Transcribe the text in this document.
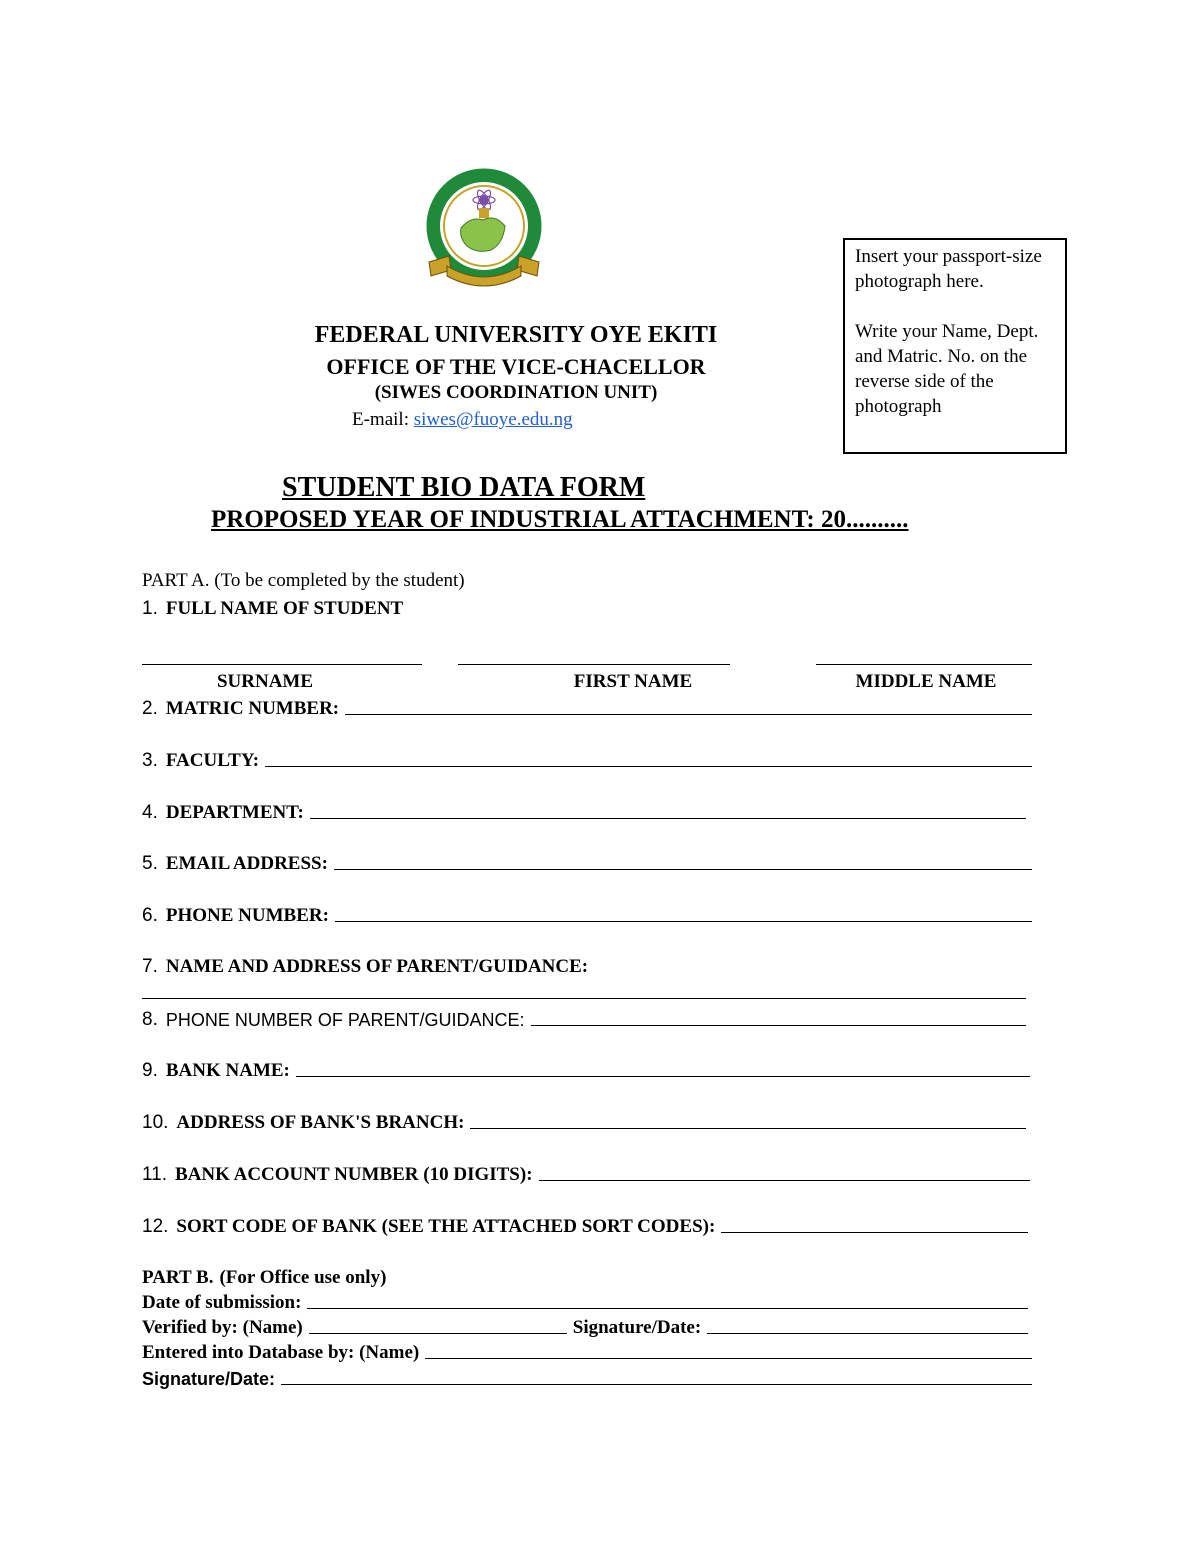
FEDERAL UNIVERSITY OYE EKITI
OFFICE OF THE VICE-CHACELLOR
(SIWES COORDINATION UNIT)
E-mail: siwes@fuoye.edu.ng

Insert your passport-size photograph here.

Write your Name, Dept. and Matric. No. on the reverse side of the photograph

STUDENT BIO DATA FORM
PROPOSED YEAR OF INDUSTRIAL ATTACHMENT: 20..........
PART A. (To be completed by the student)
1. FULL NAME OF STUDENT
SURNAME	FIRST NAME	MIDDLE NAME
2. MATRIC NUMBER:
3. FACULTY:
4. DEPARTMENT:
5. EMAIL ADDRESS:
6. PHONE NUMBER:
7. NAME AND ADDRESS OF PARENT/GUIDANCE:
8. PHONE NUMBER OF PARENT/GUIDANCE:
9. BANK NAME:
10. ADDRESS OF BANK'S BRANCH:
11. BANK ACCOUNT NUMBER (10 DIGITS):
12. SORT CODE OF BANK (SEE THE ATTACHED SORT CODES):
PART B. (For Office use only)
Date of submission:
Verified by: (Name)	Signature/Date:
Entered into Database by: (Name)
Signature/Date:
